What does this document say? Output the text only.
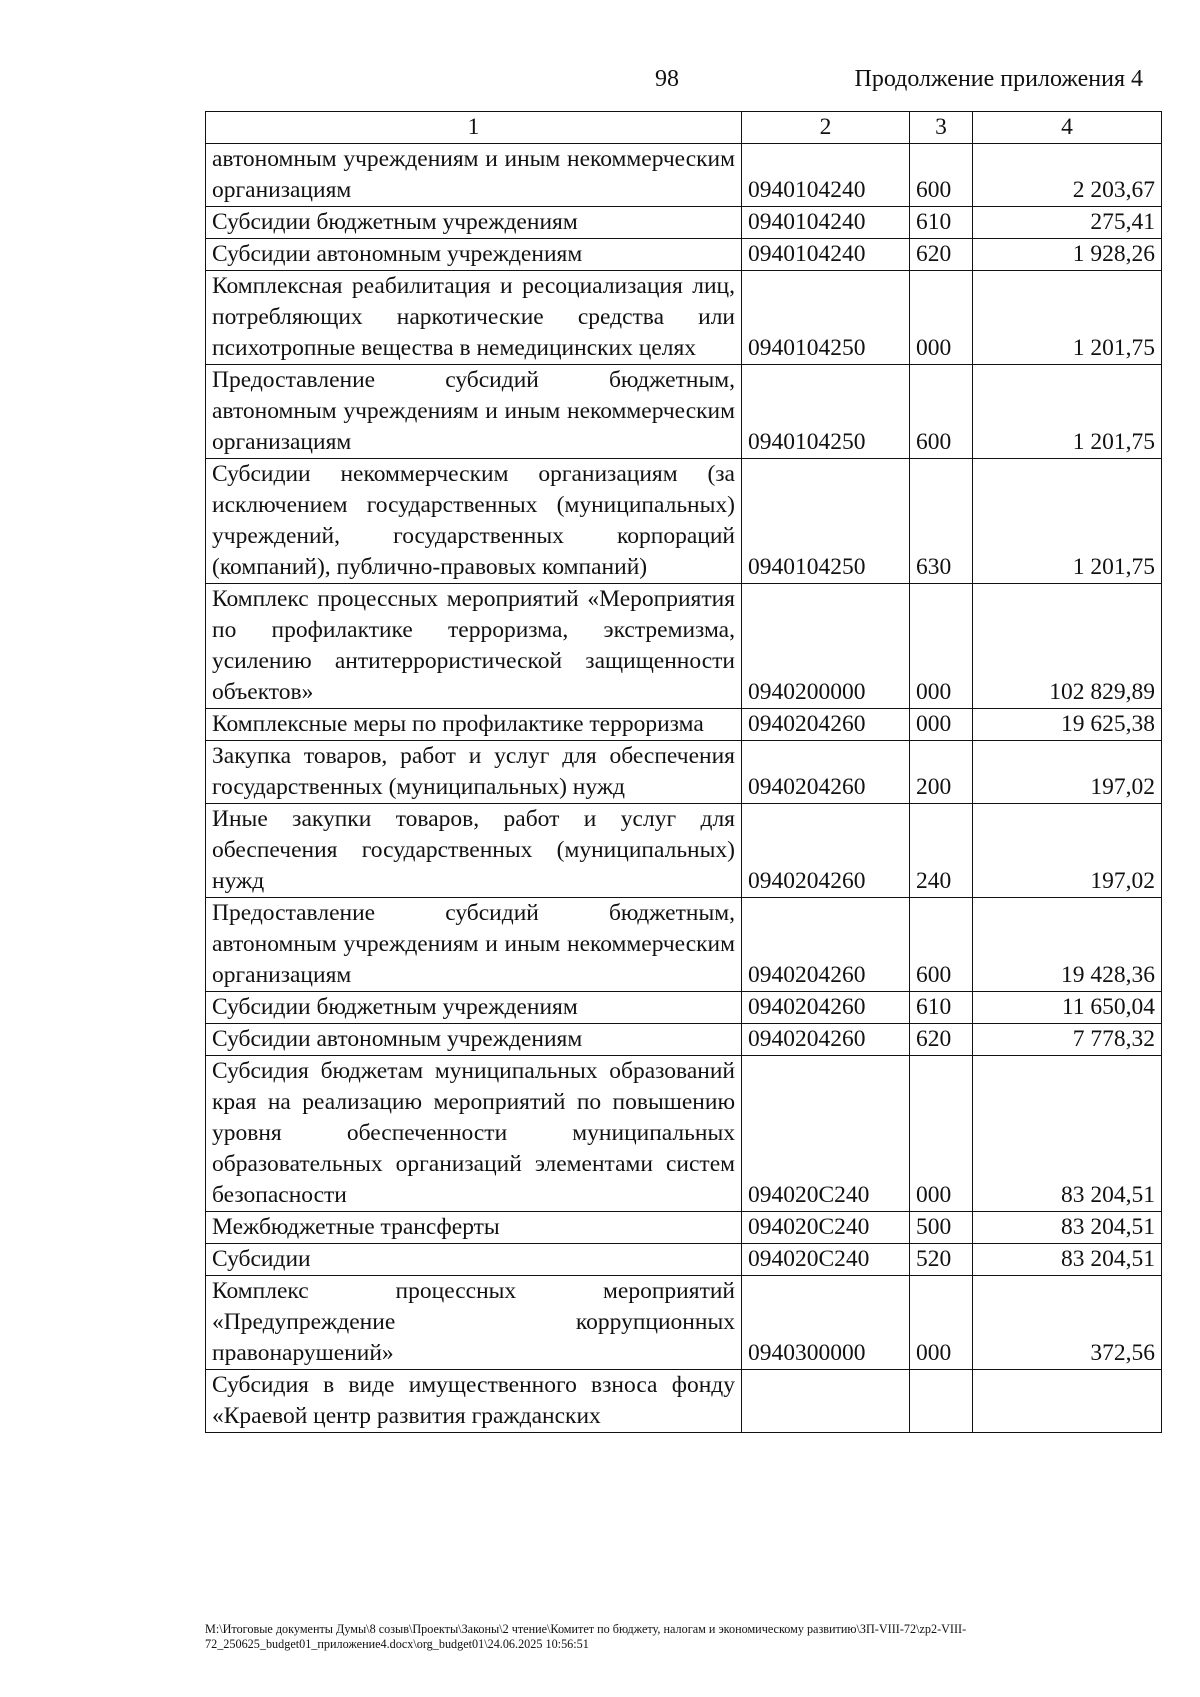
98	Продолжение приложения 4
1	2	3	4
автономным учреждениям и иным некоммерческим организациям	0940104240	600	2 203,67
Субсидии бюджетным учреждениям	0940104240	610	275,41
Субсидии автономным учреждениям	0940104240	620	1 928,26
Комплексная реабилитация и ресоциализация лиц, потребляющих наркотические средства или психотропные вещества в немедицинских целях	0940104250	000	1 201,75
Предоставление субсидий бюджетным, автономным учреждениям и иным некоммерческим организациям	0940104250	600	1 201,75
Субсидии некоммерческим организациям (за исключением государственных (муниципальных) учреждений, государственных корпораций (компаний), публично-правовых компаний)	0940104250	630	1 201,75
Комплекс процессных мероприятий «Мероприятия по профилактике терроризма, экстремизма, усилению антитеррористической защищенности объектов»	0940200000	000	102 829,89
Комплексные меры по профилактике терроризма	0940204260	000	19 625,38
Закупка товаров, работ и услуг для обеспечения государственных (муниципальных) нужд	0940204260	200	197,02
Иные закупки товаров, работ и услуг для обеспечения государственных (муниципальных) нужд	0940204260	240	197,02
Предоставление субсидий бюджетным, автономным учреждениям и иным некоммерческим организациям	0940204260	600	19 428,36
Субсидии бюджетным учреждениям	0940204260	610	11 650,04
Субсидии автономным учреждениям	0940204260	620	7 778,32
Субсидия бюджетам муниципальных образований края на реализацию мероприятий по повышению уровня обеспеченности муниципальных образовательных организаций элементами систем безопасности	094020С240	000	83 204,51
Межбюджетные трансферты	094020С240	500	83 204,51
Субсидии	094020С240	520	83 204,51
Комплекс процессных мероприятий «Предупреждение коррупционных правонарушений»	0940300000	000	372,56
Субсидия в виде имущественного взноса фонду «Краевой центр развития гражданских			
M:\Итоговые документы Думы\8 созыв\Проекты\Законы\2 чтение\Комитет по бюджету, налогам и экономическому развитию\ЗП-VIII-72\zp2-VIII-
72_250625_budget01_приложение4.docx\org_budget01\24.06.2025 10:56:51
